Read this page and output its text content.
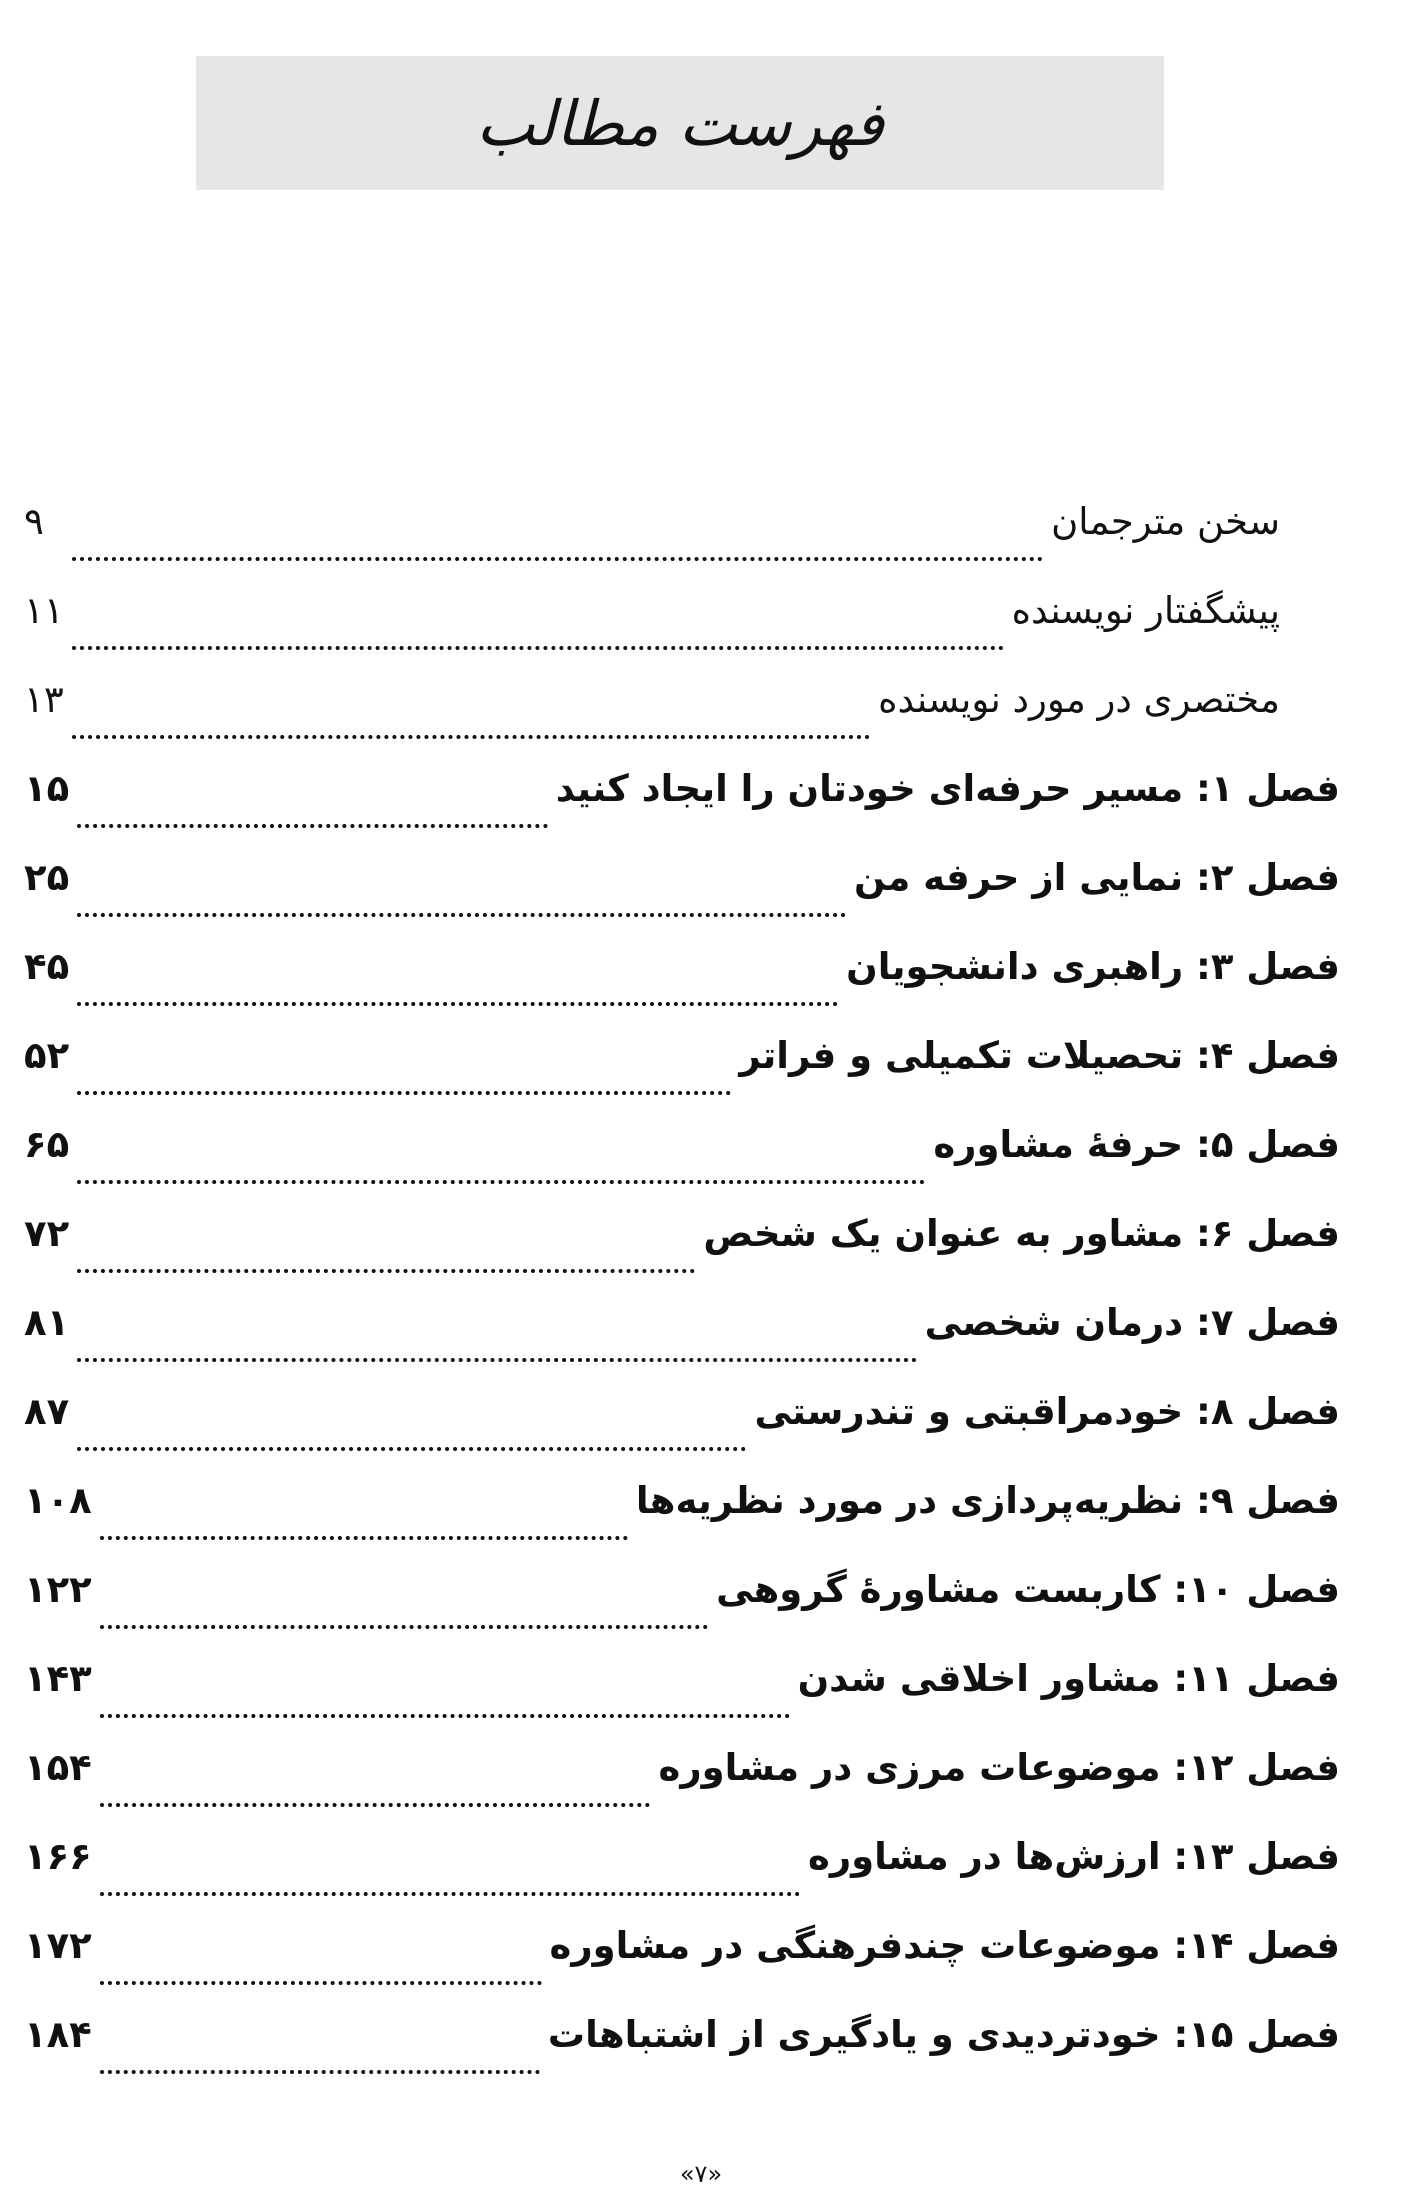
فهرست مطالب
سخن مترجمان
۹
پیشگفتار نویسنده
۱۱
مختصری در مورد نویسنده
۱۳
فصل ۱: مسیر حرفه‌ای خودتان را ایجاد کنید
۱۵
فصل ۲: نمایی از حرفه من
۲۵
فصل ۳: راهبری دانشجویان
۴۵
فصل ۴: تحصیلات تکمیلی و فراتر
۵۲
فصل ۵: حرفهٔ مشاوره
۶۵
فصل ۶: مشاور به عنوان یک شخص
۷۲
فصل ۷: درمان شخصی
۸۱
فصل ۸: خودمراقبتی و تندرستی
۸۷
فصل ۹: نظریه‌پردازی در مورد نظریه‌ها
۱۰۸
فصل ۱۰: کاربست مشاورهٔ گروهی
۱۲۲
فصل ۱۱: مشاور اخلاقی شدن
۱۴۳
فصل ۱۲: موضوعات مرزی در مشاوره
۱۵۴
فصل ۱۳: ارزش‌ها در مشاوره
۱۶۶
فصل ۱۴: موضوعات چندفرهنگی در مشاوره
۱۷۲
فصل ۱۵: خودتردیدی و یادگیری از اشتباهات
۱۸۴
«۷»
